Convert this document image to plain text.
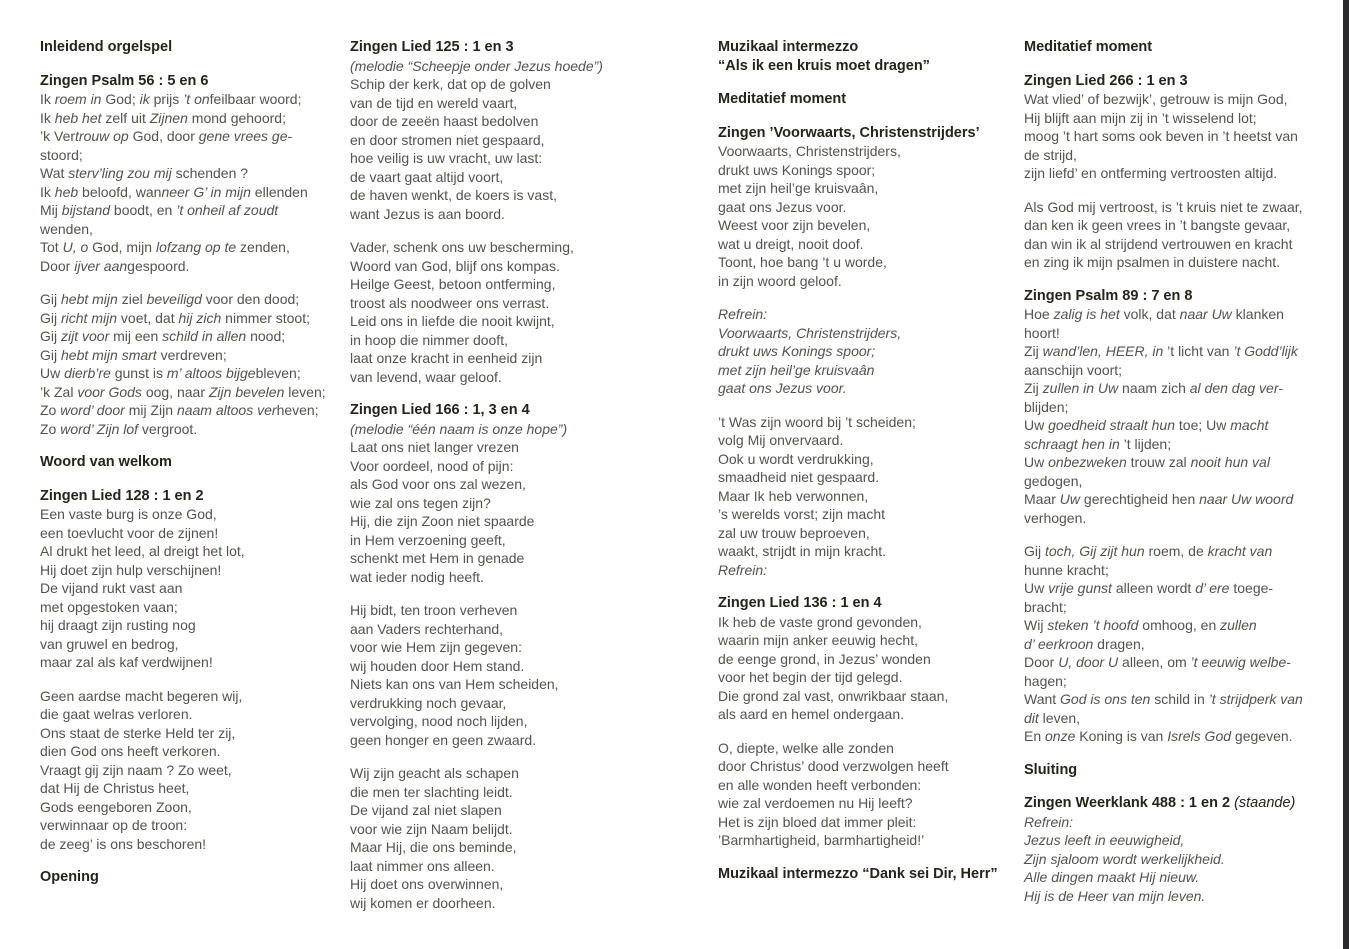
Inleidend orgelspel
Zingen Psalm 56 : 5 en 6
Ik roem in God; ik prijs ’t onfeilbaar woord;
Ik heb het zelf uit Zijnen mond gehoord;
’k Vertrouw op God, door gene vrees ge-
stoord;
Wat sterv’ling zou mij schenden ?
Ik heb beloofd, wanneer G’ in mijn ellenden
Mij bijstand boodt, en ’t onheil af zoudt
wenden,
Tot U, o God, mijn lofzang op te zenden,
Door ijver aangespoord.
Gij hebt mijn ziel beveiligd voor den dood;
Gij richt mijn voet, dat hij zich nimmer stoot;
Gij zijt voor mij een schild in allen nood;
Gij hebt mijn smart verdreven;
Uw dierb’re gunst is m’ altoos bijgebleven;
’k Zal voor Gods oog, naar Zijn bevelen leven;
Zo word’ door mij Zijn naam altoos verheven;
Zo word’ Zijn lof vergroot.
Woord van welkom
Zingen Lied 128 : 1 en 2
Een vaste burg is onze God,
een toevlucht voor de zijnen!
Al drukt het leed, al dreigt het lot,
Hij doet zijn hulp verschijnen!
De vijand rukt vast aan
met opgestoken vaan;
hij draagt zijn rusting nog
van gruwel en bedrog,
maar zal als kaf verdwijnen!
Geen aardse macht begeren wij,
die gaat welras verloren.
Ons staat de sterke Held ter zij,
dien God ons heeft verkoren.
Vraagt gij zijn naam ? Zo weet,
dat Hij de Christus heet,
Gods eengeboren Zoon,
verwinnaar op de troon:
de zeeg’ is ons beschoren!
Opening
Zingen Lied 125 : 1 en 3
(melodie “Scheepje onder Jezus hoede”)
Schip der kerk, dat op de golven
van de tijd en wereld vaart,
door de zeeën haast bedolven
en door stromen niet gespaard,
hoe veilig is uw vracht, uw last:
de vaart gaat altijd voort,
de haven wenkt, de koers is vast,
want Jezus is aan boord.
Vader, schenk ons uw bescherming,
Woord van God, blijf ons kompas.
Heilge Geest, betoon ontferming,
troost als noodweer ons verrast.
Leid ons in liefde die nooit kwijnt,
in hoop die nimmer dooft,
laat onze kracht in eenheid zijn
van levend, waar geloof.
Zingen Lied 166 : 1, 3 en 4
(melodie “één naam is onze hope”)
Laat ons niet langer vrezen
Voor oordeel, nood of pijn:
als God voor ons zal wezen,
wie zal ons tegen zijn?
Hij, die zijn Zoon niet spaarde
in Hem verzoening geeft,
schenkt met Hem in genade
wat ieder nodig heeft.
Hij bidt, ten troon verheven
aan Vaders rechterhand,
voor wie Hem zijn gegeven:
wij houden door Hem stand.
Niets kan ons van Hem scheiden,
verdrukking noch gevaar,
vervolging, nood noch lijden,
geen honger en geen zwaard.
Wij zijn geacht als schapen
die men ter slachting leidt.
De vijand zal niet slapen
voor wie zijn Naam belijdt.
Maar Hij, die ons beminde,
laat nimmer ons alleen.
Hij doet ons overwinnen,
wij komen er doorheen.
Muzikaal intermezzo
“Als ik een kruis moet dragen”
Meditatief moment
Zingen ’Voorwaarts, Christenstrijders’
Voorwaarts, Christenstrijders,
drukt uws Konings spoor;
met zijn heil’ge kruisvaân,
gaat ons Jezus voor.
Weest voor zijn bevelen,
wat u dreigt, nooit doof.
Toont, hoe bang ’t u worde,
in zijn woord geloof.
Refrein:
Voorwaarts, Christenstrijders,
drukt uws Konings spoor;
met zijn heil’ge kruisvaân
gaat ons Jezus voor.
’t Was zijn woord bij ’t scheiden;
volg Mij onvervaard.
Ook u wordt verdrukking,
smaadheid niet gespaard.
Maar Ik heb verwonnen,
’s werelds vorst; zijn macht
zal uw trouw beproeven,
waakt, strijdt in mijn kracht.
Refrein:
Zingen Lied 136 : 1 en 4
Ik heb de vaste grond gevonden,
waarin mijn anker eeuwig hecht,
de eenge grond, in Jezus’ wonden
voor het begin der tijd gelegd.
Die grond zal vast, onwrikbaar staan,
als aard en hemel ondergaan.
O, diepte, welke alle zonden
door Christus’ dood verzwolgen heeft
en alle wonden heeft verbonden:
wie zal verdoemen nu Hij leeft?
Het is zijn bloed dat immer pleit:
’Barmhartigheid, barmhartigheid!’
Muzikaal intermezzo “Dank sei Dir, Herr”
Meditatief moment
Zingen Lied 266 : 1 en 3
Wat vlied’ of bezwijk’, getrouw is mijn God,
Hij blijft aan mijn zij in ’t wisselend lot;
moog ’t hart soms ook beven in ’t heetst van
de strijd,
zijn liefd’ en ontferming vertroosten altijd.
Als God mij vertroost, is ’t kruis niet te zwaar,
dan ken ik geen vrees in ’t bangste gevaar,
dan win ik al strijdend vertrouwen en kracht
en zing ik mijn psalmen in duistere nacht.
Zingen Psalm 89 : 7 en 8
Hoe zalig is het volk, dat naar Uw klanken
hoort!
Zij wand’len, HEER, in ’t licht van ’t Godd’lijk
aanschijn voort;
Zij zullen in Uw naam zich al den dag ver-
blijden;
Uw goedheid straalt hun toe; Uw macht
schraagt hen in ’t lijden;
Uw onbezweken trouw zal nooit hun val
gedogen,
Maar Uw gerechtigheid hen naar Uw woord
verhogen.
Gij toch, Gij zijt hun roem, de kracht van
hunne kracht;
Uw vrije gunst alleen wordt d’ ere toege-
bracht;
Wij steken ’t hoofd omhoog, en zullen
d’ eerkroon dragen,
Door U, door U alleen, om ’t eeuwig welbe-
hagen;
Want God is ons ten schild in ’t strijdperk van
dit leven,
En onze Koning is van Isrels God gegeven.
Sluiting
Zingen Weerklank 488 : 1 en 2 (staande)
Refrein:
Jezus leeft in eeuwigheid,
Zijn sjaloom wordt werkelijkheid.
Alle dingen maakt Hij nieuw.
Hij is de Heer van mijn leven.
